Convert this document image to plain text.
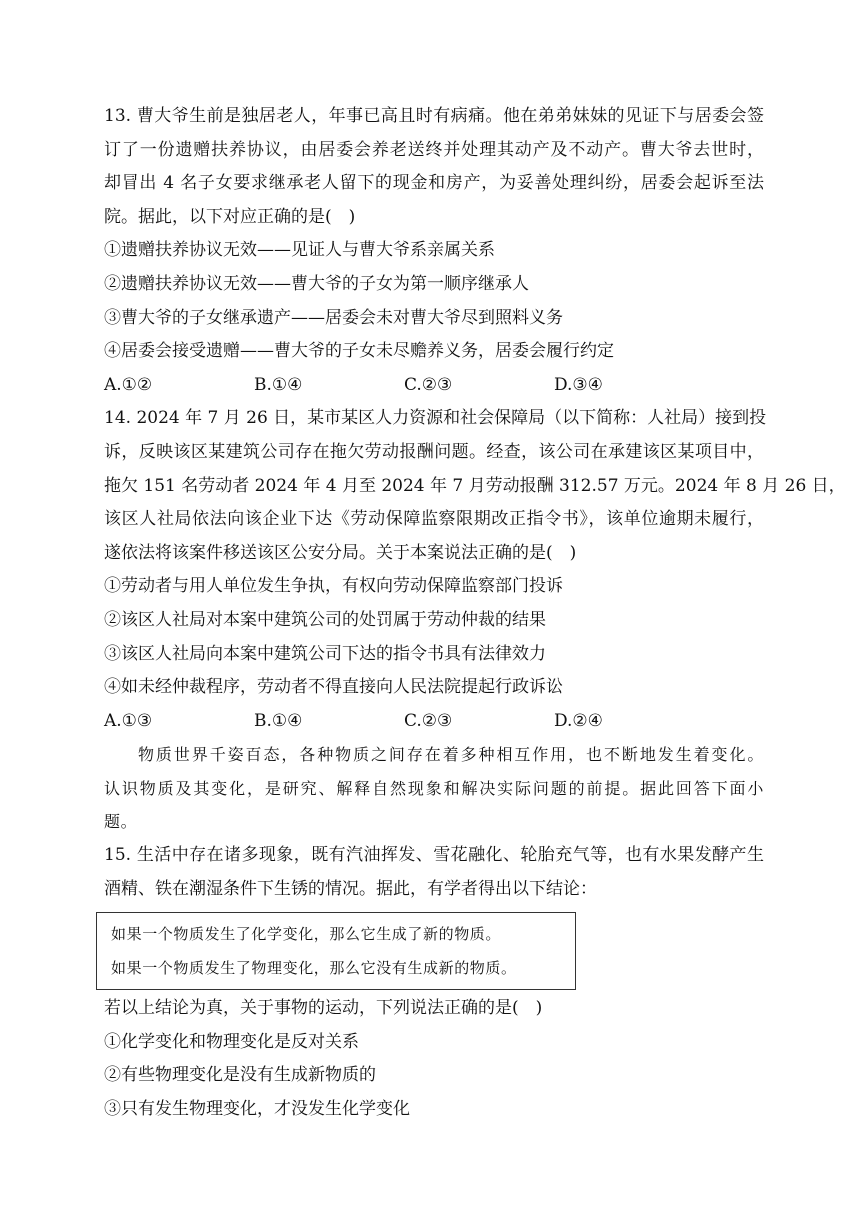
13. 曹大爷生前是独居老人，年事已高且时有病痛。他在弟弟妹妹的见证下与居委会签
订了一份遗赠扶养协议，由居委会养老送终并处理其动产及不动产。曹大爷去世时，
却冒出 4 名子女要求继承老人留下的现金和房产，为妥善处理纠纷，居委会起诉至法
院。据此，以下对应正确的是(　)
①遗赠扶养协议无效——见证人与曹大爷系亲属关系
②遗赠扶养协议无效——曹大爷的子女为第一顺序继承人
③曹大爷的子女继承遗产——居委会未对曹大爷尽到照料义务
④居委会接受遗赠——曹大爷的子女未尽赡养义务，居委会履行约定
A.①②	B.①④	C.②③	D.③④
14. 2024 年 7 月 26 日，某市某区人力资源和社会保障局（以下简称：人社局）接到投
诉，反映该区某建筑公司存在拖欠劳动报酬问题。经查，该公司在承建该区某项目中，
拖欠 151 名劳动者 2024 年 4 月至 2024 年 7 月劳动报酬 312.57 万元。2024 年 8 月 26 日，
该区人社局依法向该企业下达《劳动保障监察限期改正指令书》，该单位逾期未履行，
遂依法将该案件移送该区公安分局。关于本案说法正确的是(　)
①劳动者与用人单位发生争执，有权向劳动保障监察部门投诉
②该区人社局对本案中建筑公司的处罚属于劳动仲裁的结果
③该区人社局向本案中建筑公司下达的指令书具有法律效力
④如未经仲裁程序，劳动者不得直接向人民法院提起行政诉讼
A.①③	B.①④	C.②③	D.②④
物质世界千姿百态，各种物质之间存在着多种相互作用，也不断地发生着变化。
认识物质及其变化，是研究、解释自然现象和解决实际问题的前提。据此回答下面小
题。
15. 生活中存在诸多现象，既有汽油挥发、雪花融化、轮胎充气等，也有水果发酵产生
酒精、铁在潮湿条件下生锈的情况。据此，有学者得出以下结论：
如果一个物质发生了化学变化，那么它生成了新的物质。
如果一个物质发生了物理变化，那么它没有生成新的物质。
若以上结论为真，关于事物的运动，下列说法正确的是(　)
①化学变化和物理变化是反对关系
②有些物理变化是没有生成新物质的
③只有发生物理变化，才没发生化学变化
